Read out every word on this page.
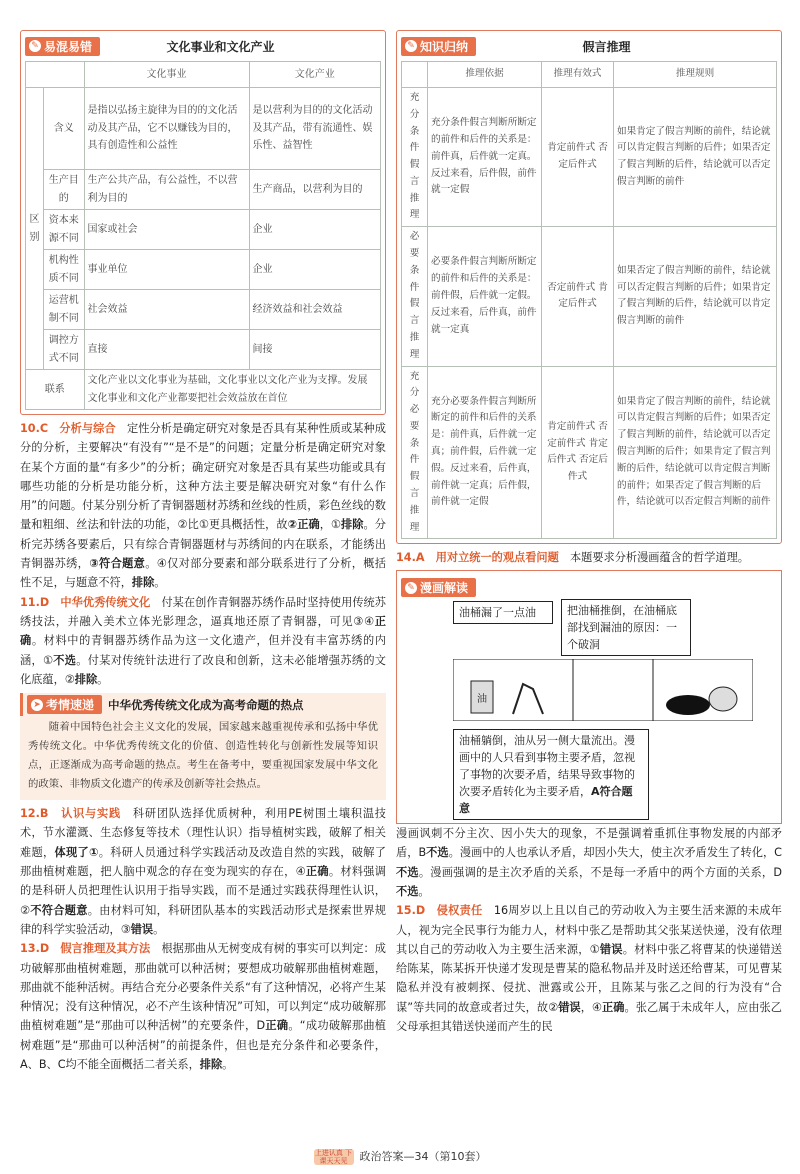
✎ 易混易错	文化事业和文化产业
		文化事业	文化产业
区别	含义	是指以弘扬主旋律为目的的文化活动及其产品，它不以赚钱为目的，具有创造性和公益性	是以营利为目的的文化活动及其产品，带有流通性、娱乐性、益智性
	生产目的	生产公共产品，有公益性，不以营利为目的	生产商品，以营利为目的
	资本来源不同	国家或社会	企业
	机构性质不同	事业单位	企业
	运营机制不同	社会效益	经济效益和社会效益
	调控方式不同	直接	间接
联系		文化产业以文化事业为基础，文化事业以文化产业为支撑。发展文化事业和文化产业都要把社会效益放在首位	

10.C　 分析与综合　 定性分析是确定研究对象是否具有某种性质或某种成分的分析，主要解决“有没有”“是不是”的问题；定量分析是确定研究对象在某个方面的量“有多少”的分析；确定研究对象是否具有某些功能或具有哪些功能的分析是功能分析，这种方法主要是解决研究对象“有什么作用”的问题。付某分别分析了青铜器题材苏绣和丝线的性质，彩色丝线的数量和粗细、丝法和针法的功能，②比①更具概括性，故②正确，①排除。分析完苏绣各要素后，只有综合青铜器题材与苏绣间的内在联系，才能绣出青铜器苏绣，③符合题意。④仅对部分要素和部分联系进行了分析，概括性不足，与题意不符，排除。

11.D　 中华优秀传统文化　 付某在创作青铜器苏绣作品时坚持使用传统苏绣技法，并融入美术立体光影理念，逼真地还原了青铜器，可见③④正确。材料中的青铜器苏绣作品为这一文化遗产，但并没有丰富苏绣的内涵，①不选。付某对传统针法进行了改良和创新，这未必能增强苏绣的文化底蕴，②排除。

➤ 考情速递 中华优秀传统文化成为高考命题的热点

随着中国特色社会主义文化的发展，国家越来越重视传承和弘扬中华优秀传统文化。中华优秀传统文化的价值、创造性转化与创新性发展等知识点，正逐渐成为高考命题的热点。考生在备考中，要重视国家发展中华文化的政策、非物质文化遗产的传承及创新等社会热点。

12.B　 认识与实践　 科研团队选择优质树种，利用PE树围土壤积温技术，节水灌溉、生态修复等技术（理性认识）指导植树实践，破解了相关难题，体现了①。科研人员通过科学实践活动及改造自然的实践，破解了那曲植树难题，把人脑中观念的存在变为现实的存在，④正确。材料强调的是科研人员把理性认识用于指导实践，而不是通过实践获得理性认识，②不符合题意。由材料可知，科研团队基本的实践活动形式是探索世界规律的科学实验活动，③错误。

13.D　 假言推理及其方法　 根据那曲从无树变成有树的事实可以判定：成功破解那曲植树难题，那曲就可以种活树；要想成功破解那曲植树难题，那曲就不能种活树。再结合充分必要条件关系“有了这种情况，必将产生某种情况；没有这种情况，必不产生该种情况”可知，可以判定“成功破解那曲植树难题”是“那曲可以种活树”的充要条件，D正确。“成功破解那曲植树难题”是“那曲可以种活树”的前提条件，但也是充分条件和必要条件，A、B、C均不能全面概括二者关系，排除。

✎ 知识归纳	假言推理
	推理依据	推理有效式	推理规则
充分条件假言推理	充分条件假言判断所断定的前件和后件的关系是：前件真，后件就一定真。反过来看，后件假，前件就一定假	肯定前件式 否定后件式	如果肯定了假言判断的前件，结论就可以肯定假言判断的后件；如果否定了假言判断的后件，结论就可以否定假言判断的前件
必要条件假言推理	必要条件假言判断所断定的前件和后件的关系是：前件假，后件就一定假。反过来看，后件真，前件就一定真	否定前件式 肯定后件式	如果否定了假言判断的前件，结论就可以否定假言判断的后件；如果肯定了假言判断的后件，结论就可以肯定假言判断的前件
充分必要条件假言推理	充分必要条件假言判断所断定的前件和后件的关系是：前件真，后件就一定真；前件假，后件就一定假。反过来看，后件真，前件就一定真；后件假，前件就一定假	肯定前件式 否定前件式 肯定后件式 否定后件式	如果肯定了假言判断的前件，结论就可以肯定假言判断的后件；如果否定了假言判断的前件，结论就可以否定假言判断的后件；如果肯定了假言判断的后件，结论就可以肯定假言判断的前件；如果否定了假言判断的后件，结论就可以否定假言判断的前件

14.A　 用对立统一的观点看问题　 本题要求分析漫画蕴含的哲学道理。

✎ 漫画解读
油桶漏了一点油	把油桶推倒，在油桶底部找到漏油的原因：一个破洞
油
油桶躺倒，油从另一侧大量流出。漫画中的人只看到事物主要矛盾，忽视了事物的次要矛盾，结果导致事物的次要矛盾转化为主要矛盾，A符合题意

漫画讽刺不分主次、因小失大的现象，不是强调着重抓住事物发展的内部矛盾，B不选。漫画中的人也承认矛盾，却因小失大，使主次矛盾发生了转化，C不选。漫画强调的是主次矛盾的关系，不是每一矛盾中的两个方面的关系，D不选。

15.D　 侵权责任　 16周岁以上且以自己的劳动收入为主要生活来源的未成年人，视为完全民事行为能力人，材料中张乙是帮助其父张某送快递，没有依理其以自己的劳动收入为主要生活来源，①错误。材料中张乙将曹某的快递错送给陈某，陈某拆开快递才发现是曹某的隐私物品并及时送还给曹某，可见曹某隐私并没有被刺探、侵扰、泄露或公开，且陈某与张乙之间的行为没有“合谋”等共同的故意或者过失，故②错误，④正确。张乙属于未成年人，应由张乙父母承担其错送快递而产生的民

上进认真 下课天天见 政治答案—34（第10套）
